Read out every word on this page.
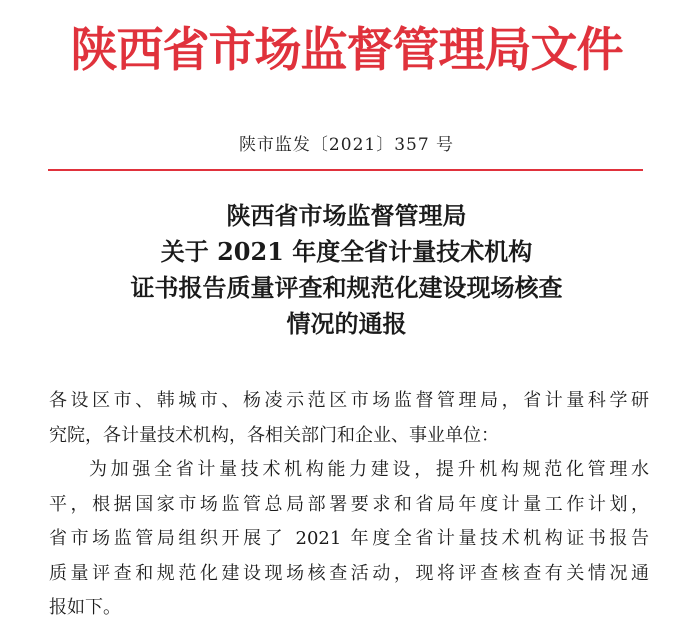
陕西省市场监督管理局文件
陕市监发〔2021〕357 号
陕西省市场监督管理局
关于 2021 年度全省计量技术机构
证书报告质量评查和规范化建设现场核查
情况的通报
各设区市、韩城市、杨凌示范区市场监督管理局，省计量科学研
究院，各计量技术机构，各相关部门和企业、事业单位：
为加强全省计量技术机构能力建设，提升机构规范化管理水
平，根据国家市场监管总局部署要求和省局年度计量工作计划，
省市场监管局组织开展了 2021 年度全省计量技术机构证书报告
质量评查和规范化建设现场核查活动，现将评查核查有关情况通
报如下。
